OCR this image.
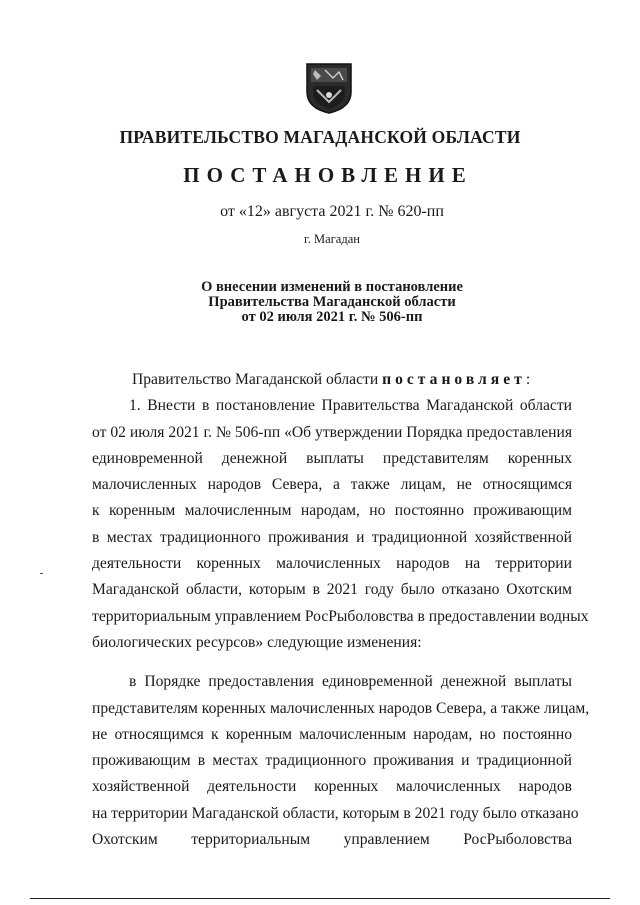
ПРАВИТЕЛЬСТВО МАГАДАНСКОЙ ОБЛАСТИ
ПОСТАНОВЛЕНИЕ
от «12» августа 2021 г. № 620-пп
г. Магадан
О внесении изменений в постановление
Правительства Магаданской области
от 02 июля 2021 г. № 506-пп
Правительство Магаданской области постановляет:
1. Внести в постановление Правительства Магаданской области
от 02 июля 2021 г. № 506-пп «Об утверждении Порядка предоставления
единовременной денежной выплаты представителям коренных
малочисленных народов Севера, а также лицам, не относящимся
к коренным малочисленным народам, но постоянно проживающим
в местах традиционного проживания и традиционной хозяйственной
деятельности коренных малочисленных народов на территории
Магаданской области, которым в 2021 году было отказано Охотским
территориальным управлением РосРыболовства в предоставлении водных
биологических ресурсов» следующие изменения:
в Порядке предоставления единовременной денежной выплаты
представителям коренных малочисленных народов Севера, а также лицам,
не относящимся к коренным малочисленным народам, но постоянно
проживающим в местах традиционного проживания и традиционной
хозяйственной деятельности коренных малочисленных народов
на территории Магаданской области, которым в 2021 году было отказано
Охотским территориальным управлением РосРыболовства
